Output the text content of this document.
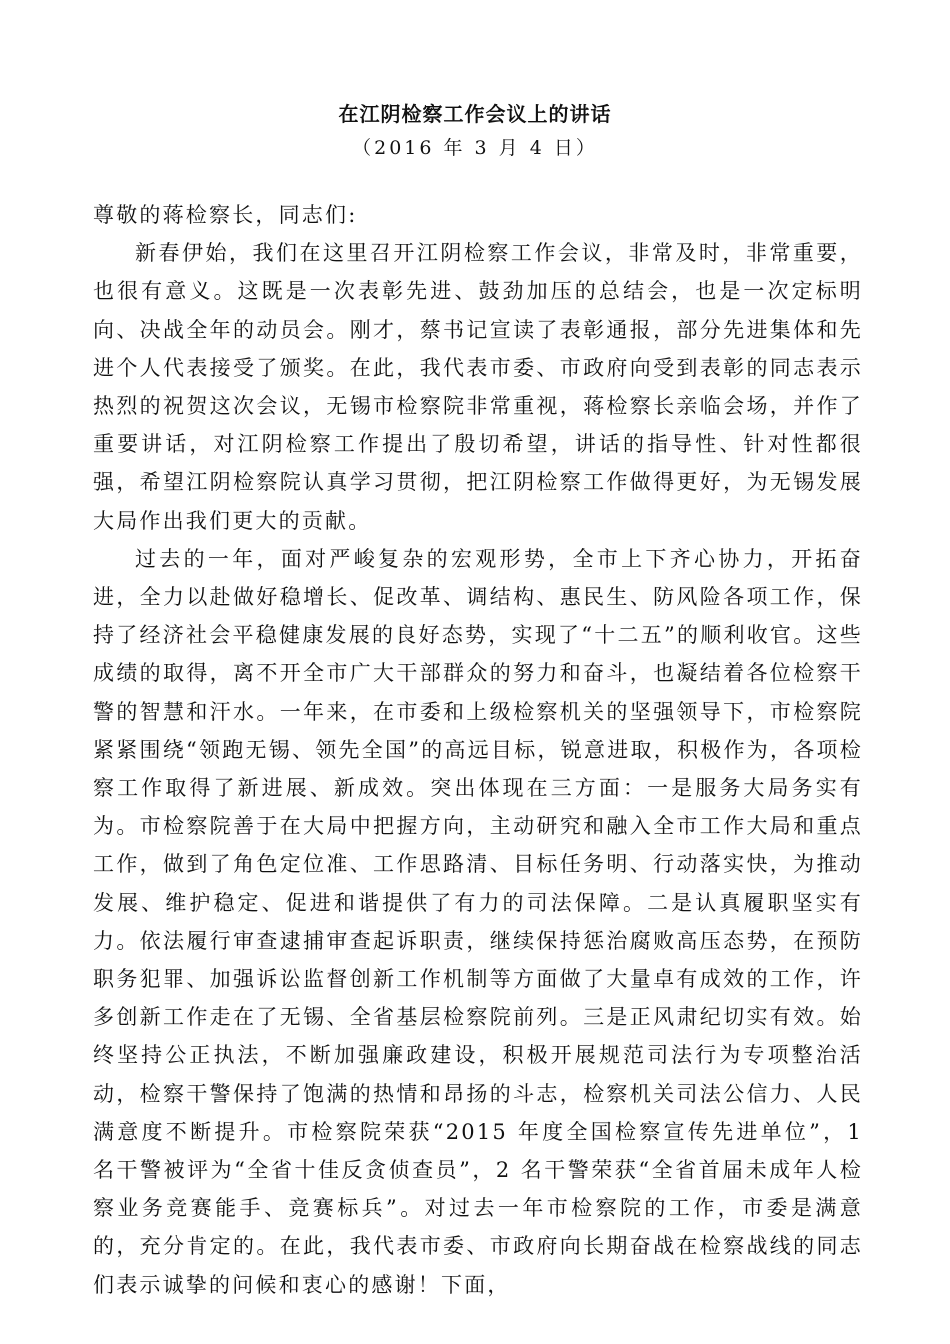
在江阴检察工作会议上的讲话
（2016 年 3 月 4 日）

尊敬的蒋检察长，同志们:

新春伊始，我们在这里召开江阴检察工作会议，非常及时，非常重要，也很有意义。这既是一次表彰先进、鼓劲加压的总结会，也是一次定标明向、决战全年的动员会。刚才，蔡书记宣读了表彰通报，部分先进集体和先进个人代表接受了颁奖。在此，我代表市委、市政府向受到表彰的同志表示热烈的祝贺这次会议，无锡市检察院非常重视，蒋检察长亲临会场，并作了重要讲话，对江阴检察工作提出了殷切希望，讲话的指导性、针对性都很强，希望江阴检察院认真学习贯彻，把江阴检察工作做得更好，为无锡发展大局作出我们更大的贡献。

过去的一年，面对严峻复杂的宏观形势，全市上下齐心协力，开拓奋进，全力以赴做好稳增长、促改革、调结构、惠民生、防风险各项工作，保持了经济社会平稳健康发展的良好态势，实现了“十二五”的顺利收官。这些成绩的取得，离不开全市广大干部群众的努力和奋斗，也凝结着各位检察干警的智慧和汗水。一年来，在市委和上级检察机关的坚强领导下，市检察院紧紧围绕“领跑无锡、领先全国”的高远目标，锐意进取，积极作为，各项检察工作取得了新进展、新成效。突出体现在三方面：一是服务大局务实有为。市检察院善于在大局中把握方向，主动研究和融入全市工作大局和重点工作，做到了角色定位准、工作思路清、目标任务明、行动落实快，为推动发展、维护稳定、促进和谐提供了有力的司法保障。二是认真履职坚实有力。依法履行审查逮捕审查起诉职责，继续保持惩治腐败高压态势，在预防职务犯罪、加强诉讼监督创新工作机制等方面做了大量卓有成效的工作，许多创新工作走在了无锡、全省基层检察院前列。三是正风肃纪切实有效。始终坚持公正执法，不断加强廉政建设，积极开展规范司法行为专项整治活动，检察干警保持了饱满的热情和昂扬的斗志，检察机关司法公信力、人民满意度不断提升。市检察院荣获“2015 年度全国检察宣传先进单位”，1 名干警被评为“全省十佳反贪侦查员”，2 名干警荣获“全省首届未成年人检察业务竞赛能手、竞赛标兵”。对过去一年市检察院的工作，市委是满意的，充分肯定的。在此，我代表市委、市政府向长期奋战在检察战线的同志们表示诚挚的问候和衷心的感谢！下面，
